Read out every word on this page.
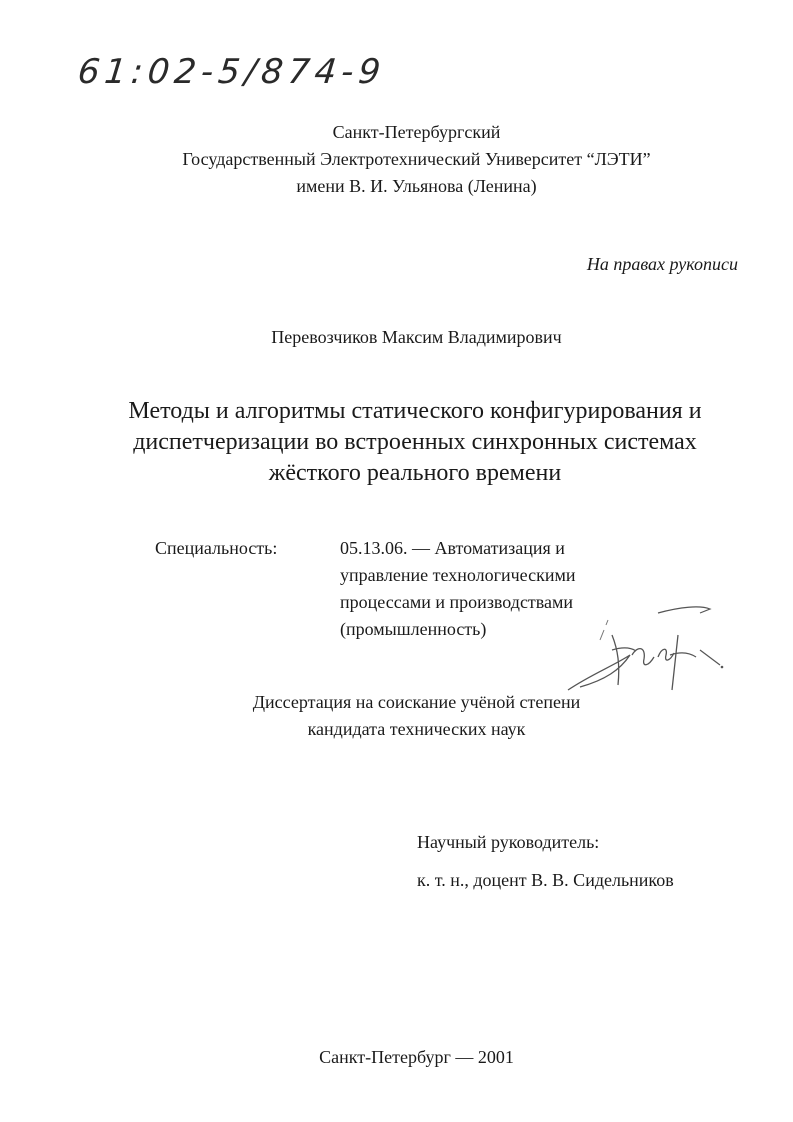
61:02-5/874-9
Санкт-Петербургский
Государственный Электротехнический Университет “ЛЭТИ”
имени В. И. Ульянова (Ленина)
На правах рукописи
Перевозчиков Максим Владимирович
Методы и алгоритмы статического конфигурирования и
диспетчеризации во встроенных синхронных системах
жёсткого реального времени
Специальность:	05.13.06. — Автоматизация и
управление технологическими
процессами и производствами
(промышленность)
Диссертация на соискание учёной степени
кандидата технических наук
Научный руководитель:
к. т. н., доцент В. В. Сидельников
Санкт-Петербург — 2001
